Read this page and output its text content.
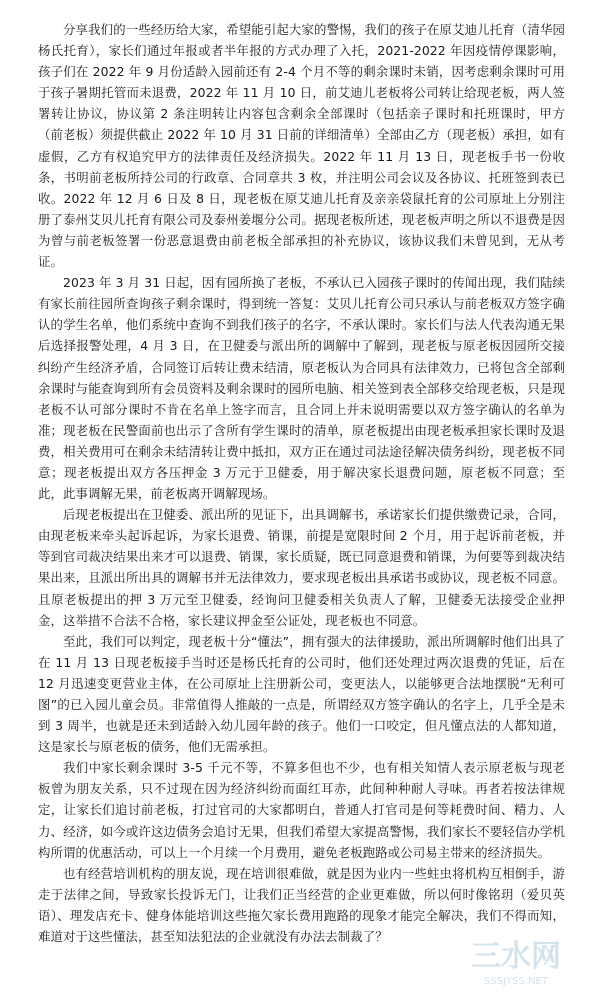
分享我们的一些经历给大家，希望能引起大家的警惕，我们的孩子在原艾迪儿托育（清华园杨氏托育），家长们通过年报或者半年报的方式办理了入托，2021-2022 年因疫情停课影响，孩子们在 2022 年 9 月份适龄入园前还有 2-4 个月不等的剩余课时未销，因考虑剩余课时可用于孩子暑期托管而未退费，2022 年 11 月 10 日，前艾迪儿老板将公司转让给现老板，两人签署转让协议，协议第 2 条注明转让内容包含剩余全部课时（包括亲子课时和托班课时，甲方（前老板）须提供截止 2022 年 10 月 31 日前的详细清单）全部由乙方（现老板）承担，如有虚假，乙方有权追究甲方的法律责任及经济损失。2022 年 11 月 13 日，现老板手书一份收条，书明前老板所持公司的行政章、合同章共 3 枚，并注明公司会议及各协议、托班签到表已收。2022 年 12 月 6 日及 8 日，现老板在原艾迪儿托育及亲亲袋鼠托育的公司原址上分别注册了泰州艾贝儿托育有限公司及泰州姜堰分公司。据现老板所述，现老板声明之所以不退费是因为曾与前老板签署一份恶意退费由前老板全部承担的补充协议，该协议我们未曾见到，无从考证。

2023 年 3 月 31 日起，因有园所换了老板，不承认已入园孩子课时的传闻出现，我们陆续有家长前往园所查询孩子剩余课时，得到统一答复：艾贝儿托育公司只承认与前老板双方签字确认的学生名单，他们系统中查询不到我们孩子的名字，不承认课时。家长们与法人代表沟通无果后选择报警处理，4 月 3 日，在卫健委与派出所的调解中了解到，现老板与原老板因园所交接纠纷产生经济矛盾，合同签订后转让费未结清，原老板认为合同具有法律效力，已将包含全部剩余课时与能查询到所有会员资料及剩余课时的园所电脑、相关签到表全部移交给现老板，只是现老板不认可部分课时不肯在名单上签字而言，且合同上并未说明需要以双方签字确认的名单为准；现老板在民警面前也出示了含所有学生课时的清单，原老板提出由现老板承担家长课时及退费，相关费用可在剩余未结清转让费中抵扣，双方正在通过司法途径解决债务纠纷，现老板不同意；现老板提出双方各压押金 3 万元于卫健委，用于解决家长退费问题，原老板不同意；至此，此事调解无果，前老板离开调解现场。

后现老板提出在卫健委、派出所的见证下，出具调解书，承诺家长们提供缴费记录，合同，由现老板来牵头起诉起诉，为家长退费、销课，前提是宽限时间 2 个月，用于起诉前老板，并等到官司裁决结果出来才可以退费、销课，家长质疑，既已同意退费和销课，为何要等到裁决结果出来，且派出所出具的调解书并无法律效力，要求现老板出具承诺书或协议，现老板不同意。且原老板提出的押 3 万元至卫健委，经询问卫健委相关负责人了解，卫健委无法接受企业押金，这举措不合法不合格，家长建议押金至公证处，现老板也不同意。

至此，我们可以判定，现老板十分“懂法”，拥有强大的法律援助，派出所调解时他们出具了在 11 月 13 日现老板接手当时还是杨氏托育的公司时，他们还处理过两次退费的凭证，后在 12 月迅速变更营业主体，在公司原址上注册新公司，变更法人，以能够更合法地摆脱“无利可图”的已入园儿童会员。非常值得人推敲的一点是，所谓经双方签字确认的名字上，几乎全是未到 3 周半，也就是还未到适龄入幼儿园年龄的孩子。他们一口咬定，但凡懂点法的人都知道，这是家长与原老板的债务，他们无需承担。

我们中家长剩余课时 3-5 千元不等，不算多但也不少，也有相关知情人表示原老板与现老板曾为朋友关系，只不过现在因为经济纠纷而面红耳赤，此间种种耐人寻味。再者若按法律规定，让家长们追讨前老板，打过官司的大家都明白，普通人打官司是何等耗费时间、精力、人力、经济，如今或许这边债务会追讨无果，但我们希望大家提高警惕，我们家长不要轻信办学机构所谓的优惠活动，可以上一个月续一个月费用，避免老板跑路或公司易主带来的经济损失。

也有经营培训机构的朋友说，现在培训很难做，就是因为业内一些蛀虫将机构互相倒手，游走于法律之间，导致家长投诉无门，让我们正当经营的企业更难做，所以何时像铭玥（爱贝英语）、理发店充卡、健身体能培训这些拖欠家长费用跑路的现象才能完全解决，我们不得而知，难道对于这些懂法，甚至知法犯法的企业就没有办法去制裁了？

三水网
SSSJYSS.NET
